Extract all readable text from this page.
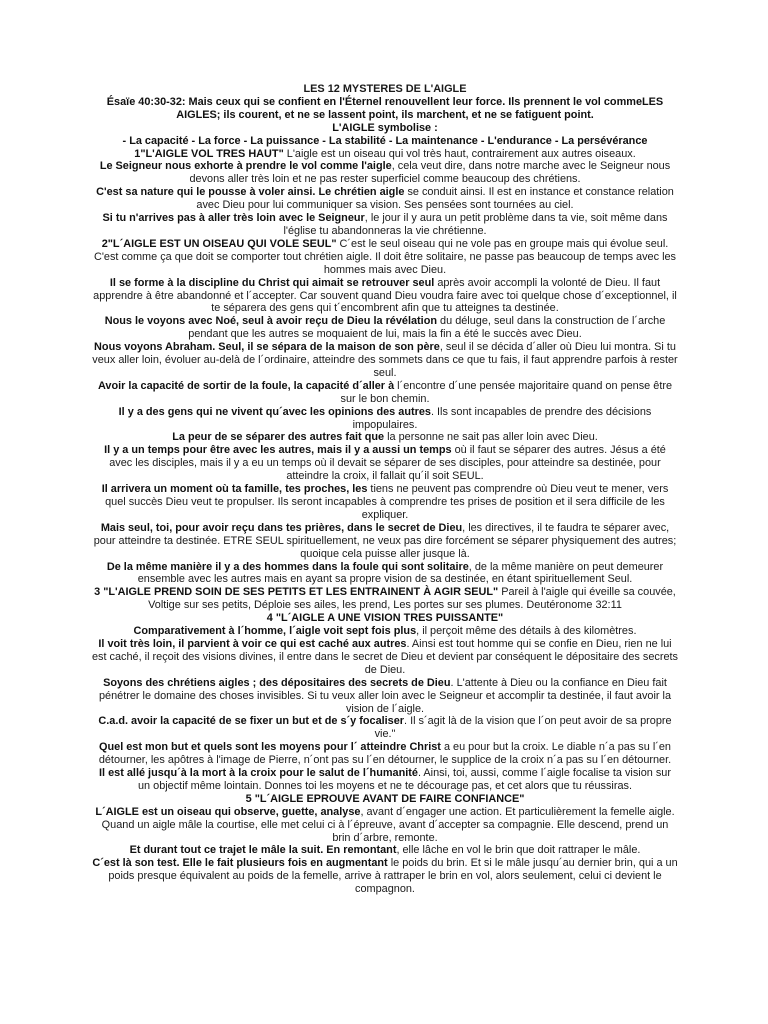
LES 12 MYSTERES DE L'AIGLE

Ésaïe 40:30-32: Mais ceux qui se confient en l'Éternel renouvellent leur force. Ils prennent le vol commeLES AIGLES; ils courent, et ne se lassent point, ils marchent, et ne se fatiguent point.

L'AIGLE symbolise :

- La capacité - La force - La puissance - La stabilité - La maintenance - L'endurance - La persévérance

1"L'AIGLE VOL TRES HAUT" L'aigle est un oiseau qui vol très haut, contrairement aux autres oiseaux.

Le Seigneur nous exhorte à prendre le vol comme l'aigle, cela veut dire, dans notre marche avec le Seigneur nous devons aller très loin et ne pas rester superficiel comme beaucoup des chrétiens.

C'est sa nature qui le pousse à voler ainsi. Le chrétien aigle se conduit ainsi. Il est en instance et constance relation avec Dieu pour lui communiquer sa vision. Ses pensées sont tournées au ciel.

Si tu n'arrives pas à aller très loin avec le Seigneur, le jour il y aura un petit problème dans ta vie, soit même dans l'église tu abandonneras la vie chrétienne.

2"L´AIGLE EST UN OISEAU QUI VOLE SEUL" C´est le seul oiseau qui ne vole pas en groupe mais qui évolue seul. C'est comme ça que doit se comporter tout chrétien aigle. Il doit être solitaire, ne passe pas beaucoup de temps avec les hommes mais avec Dieu.

Il se forme à la discipline du Christ qui aimait se retrouver seul après avoir accompli la volonté de Dieu. Il faut apprendre à être abandonné et l´accepter. Car souvent quand Dieu voudra faire avec toi quelque chose d´exceptionnel, il te séparera des gens qui t´encombrent afin que tu atteignes ta destinée.

Nous le voyons avec Noé, seul à avoir reçu de Dieu la révélation du déluge, seul dans la construction de l´arche pendant que les autres se moquaient de lui, mais la fin a été le succès avec Dieu.

Nous voyons Abraham. Seul, il se sépara de la maison de son père, seul il se décida d´aller où Dieu lui montra. Si tu veux aller loin, évoluer au-delà de l´ordinaire, atteindre des sommets dans ce que tu fais, il faut apprendre parfois à rester seul.

Avoir la capacité de sortir de la foule, la capacité d´aller à l´encontre d´une pensée majoritaire quand on pense être sur le bon chemin.

Il y a des gens qui ne vivent qu´avec les opinions des autres. Ils sont incapables de prendre des décisions impopulaires.

La peur de se séparer des autres fait que la personne ne sait pas aller loin avec Dieu.

Il y a un temps pour être avec les autres, mais il y a aussi un temps où il faut se séparer des autres. Jésus a été avec les disciples, mais il y a eu un temps où il devait se séparer de ses disciples, pour atteindre sa destinée, pour atteindre la croix, il fallait qu´il soit SEUL.

Il arrivera un moment où ta famille, tes proches, les tiens ne peuvent pas comprendre où Dieu veut te mener, vers quel succès Dieu veut te propulser. Ils seront incapables à comprendre tes prises de position et il sera difficile de les expliquer.

Mais seul, toi, pour avoir reçu dans tes prières, dans le secret de Dieu, les directives, il te faudra te séparer avec, pour atteindre ta destinée. ETRE SEUL spirituellement, ne veux pas dire forcément se séparer physiquement des autres; quoique cela puisse aller jusque là.

De la même manière il y a des hommes dans la foule qui sont solitaire, de la même manière on peut demeurer ensemble avec les autres mais en ayant sa propre vision de sa destinée, en étant spirituellement Seul.

3 "L'AIGLE PREND SOIN DE SES PETITS ET LES ENTRAINENT À AGIR SEUL" Pareil à l'aigle qui éveille sa couvée, Voltige sur ses petits, Déploie ses ailes, les prend, Les portes sur ses plumes. Deutéronome 32:11

4 "L´AIGLE A UNE VISION TRES PUISSANTE"

Comparativement à l´homme, l´aigle voit sept fois plus, il perçoit même des détails à des kilomètres.

Il voit très loin, il parvient à voir ce qui est caché aux autres. Ainsi est tout homme qui se confie en Dieu, rien ne lui est caché, il reçoit des visions divines, il entre dans le secret de Dieu et devient par conséquent le dépositaire des secrets de Dieu.

Soyons des chrétiens aigles ; des dépositaires des secrets de Dieu. L'attente à Dieu ou la confiance en Dieu fait pénétrer le domaine des choses invisibles. Si tu veux aller loin avec le Seigneur et accomplir ta destinée, il faut avoir la vision de l´aigle.

C.a.d. avoir la capacité de se fixer un but et de s´y focaliser. Il s´agit là de la vision que l´on peut avoir de sa propre vie."

Quel est mon but et quels sont les moyens pour l´ atteindre Christ a eu pour but la croix. Le diable n´a pas su l´en détourner, les apôtres à l'image de Pierre, n´ont pas su l´en détourner, le supplice de la croix n´a pas su l´en détourner.

Il est allé jusqu´à la mort à la croix pour le salut de l´humanité. Ainsi, toi, aussi, comme l´aigle focalise ta vision sur un objectif même lointain. Donnes toi les moyens et ne te décourage pas, et cet alors que tu réussiras.

5 "L´AIGLE EPROUVE AVANT DE FAIRE CONFIANCE"

L´AIGLE est un oiseau qui observe, guette, analyse, avant d´engager une action. Et particulièrement la femelle aigle. Quand un aigle mâle la courtise, elle met celui ci à l´épreuve, avant d´accepter sa compagnie. Elle descend, prend un brin d´arbre, remonte.

Et durant tout ce trajet le mâle la suit. En remontant, elle lâche en vol le brin que doit rattraper le mâle.

C´est là son test. Elle le fait plusieurs fois en augmentant le poids du brin. Et si le mâle jusqu´au dernier brin, qui a un poids presque équivalent au poids de la femelle, arrive à rattraper le brin en vol, alors seulement, celui ci devient le compagnon.
